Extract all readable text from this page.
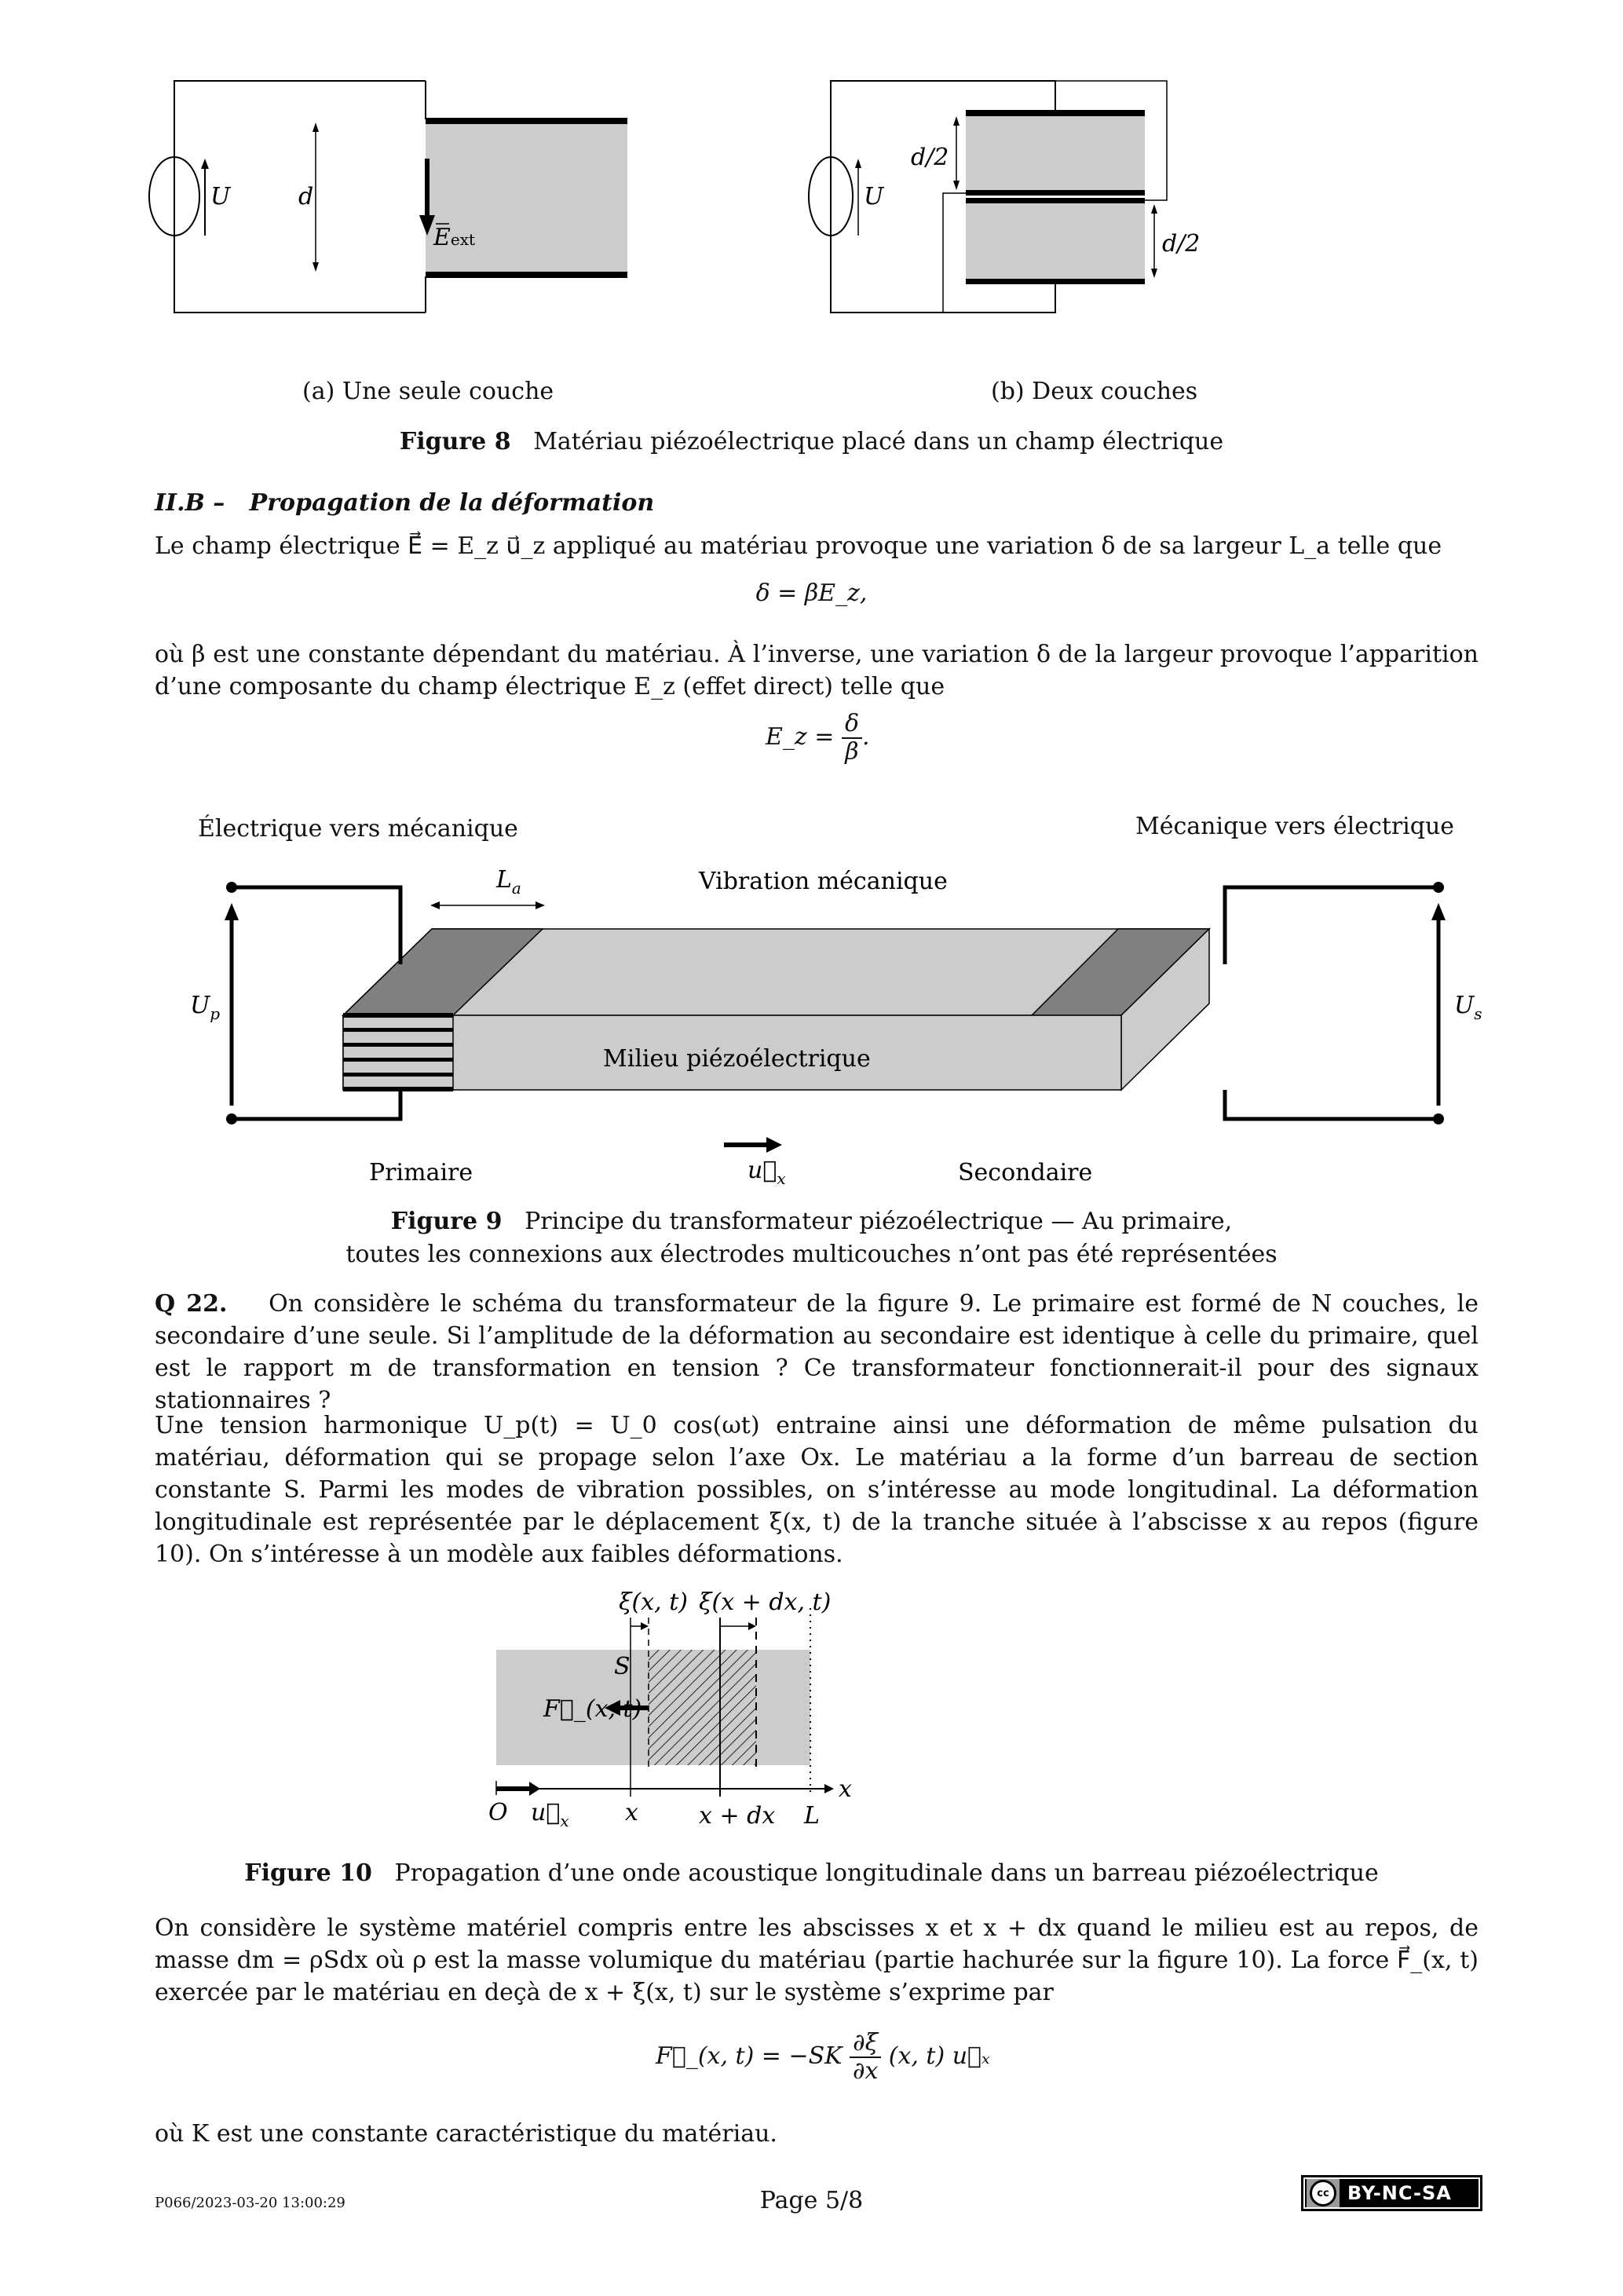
U	d
Eext
U
d/2
d/2
(a) Une seule couche	(b) Deux couches
Figure 8 Matériau piézoélectrique placé dans un champ électrique
II.B – Propagation de la déformation
Le champ électrique E⃗ = E_z u⃗_z appliqué au matériau provoque une variation δ de sa largeur L_a telle que
δ = βE_z,
où β est une constante dépendant du matériau. À l’inverse, une variation δ de la largeur provoque l’apparition d’une composante du champ électrique E_z (effet direct) telle que
E_z = $\frac{\delta}{\beta}$ .
Électrique vers mécanique	Mécanique vers électrique
$L_a$	Vibration mécanique
Milieu piézoélectrique
$U_p$	$U_s$
Primaire	Secondaire
$u⃗_x$
Figure 9 Principe du transformateur piézoélectrique — Au primaire,
toutes les connexions aux électrodes multicouches n’ont pas été représentées
Q 22. On considère le schéma du transformateur de la figure 9. Le primaire est formé de N couches, le secondaire d’une seule. Si l’amplitude de la déformation au secondaire est identique à celle du primaire, quel est le rapport m de transformation en tension ? Ce transformateur fonctionnerait-il pour des signaux stationnaires ?
Une tension harmonique U_p(t) = U_0 cos(ωt) entraine ainsi une déformation de même pulsation du matériau, déformation qui se propage selon l’axe Ox. Le matériau a la forme d’un barreau de section constante S. Parmi les modes de vibration possibles, on s’intéresse au mode longitudinal. La déformation longitudinale est représentée par le déplacement ξ(x, t) de la tranche située à l’abscisse x au repos (figure 10). On s’intéresse à un modèle aux faibles déformations.
ξ(x, t) ξ(x + dx, t)
S
F⃗_(x, t)
O $u⃗_x$ x	x + dx L
x
Figure 10 Propagation d’une onde acoustique longitudinale dans un barreau piézoélectrique
On considère le système matériel compris entre les abscisses x et x + dx quand le milieu est au repos, de masse dm = ρSdx où ρ est la masse volumique du matériau (partie hachurée sur la figure 10). La force F⃗_(x, t) exercée par le matériau en deçà de x + ξ(x, t) sur le système s’exprime par
F⃗_(x, $t) = -SK \frac{\partial\xi}{\partial x} (x$, t) u⃗ₓ
où K est une constante caractéristique du matériau.
P066/2023-03-20 13:00:29	Page 5/8	cc BY-NC-SA
